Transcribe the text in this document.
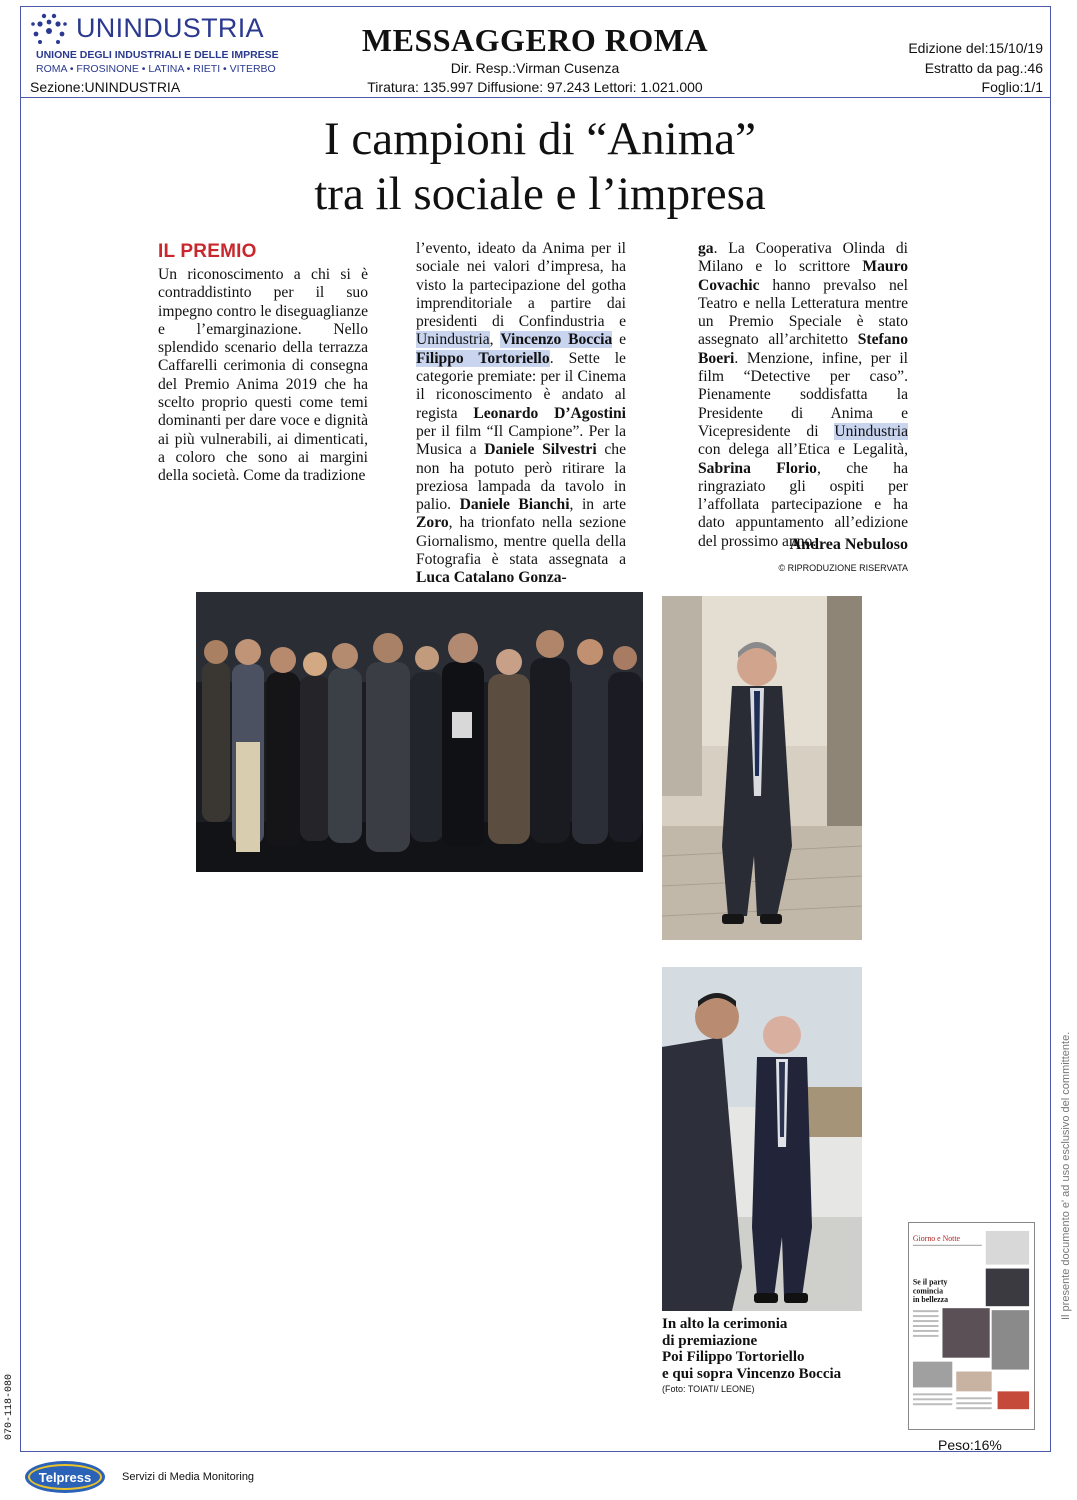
UNINDUSTRIA
UNIONE DEGLI INDUSTRIALI E DELLE IMPRESE
ROMA • FROSINONE • LATINA • RIETI • VITERBO
Sezione:UNINDUSTRIA
MESSAGGERO ROMA
Dir. Resp.:Virman Cusenza
Tiratura: 135.997 Diffusione: 97.243 Lettori: 1.021.000
Edizione del:15/10/19
Estratto da pag.:46
Foglio:1/1
I campioni di “Anima”
tra il sociale e l’impresa
IL PREMIO
Un riconoscimento a chi si è contraddistinto per il suo impegno contro le diseguaglianze e l’emarginazione. Nello splendido scenario della terrazza Caffarelli cerimonia di consegna del Premio Anima 2019 che ha scelto proprio questi come temi dominanti per dare voce e dignità ai più vulnerabili, ai dimenticati, a coloro che sono ai margini della società. Come da tradizione
l’evento, ideato da Anima per il sociale nei valori d’impresa, ha visto la partecipazione del gotha imprenditoriale a partire dai presidenti di Confindustria e Unindustria, Vincenzo Boccia e Filippo Tortoriello. Sette le categorie premiate: per il Cinema il riconoscimento è andato al regista Leonardo D’Agostini per il film “Il Campione”. Per la Musica a Daniele Silvestri che non ha potuto però ritirare la preziosa lampada da tavolo in palio. Daniele Bianchi, in arte Zoro, ha trionfato nella sezione Giornalismo, mentre quella della Fotografia è stata assegnata a Luca Catalano Gonza-
ga. La Cooperativa Olinda di Milano e lo scrittore Mauro Covachic hanno prevalso nel Teatro e nella Letteratura mentre un Premio Speciale è stato assegnato all’architetto Stefano Boeri. Menzione, infine, per il film “Detective per caso”. Pienamente soddisfatta la Presidente di Anima e Vicepresidente di Unindustria con delega all’Etica e Legalità, Sabrina Florio, che ha ringraziato gli ospiti per l’affollata partecipazione e ha dato appuntamento all’edizione del prossimo anno.
Andrea Nebuloso
© RIPRODUZIONE RISERVATA
In alto la cerimonia
di premiazione
Poi Filippo Tortoriello
e qui sopra Vincenzo Boccia
(Foto: TOIATI/ LEONE)
Giorno e Notte
Se il party
comincia
in bellezza
Peso:16%
Il presente documento e' ad uso esclusivo del committente.
070-118-080
Telpress	Servizi di Media Monitoring
